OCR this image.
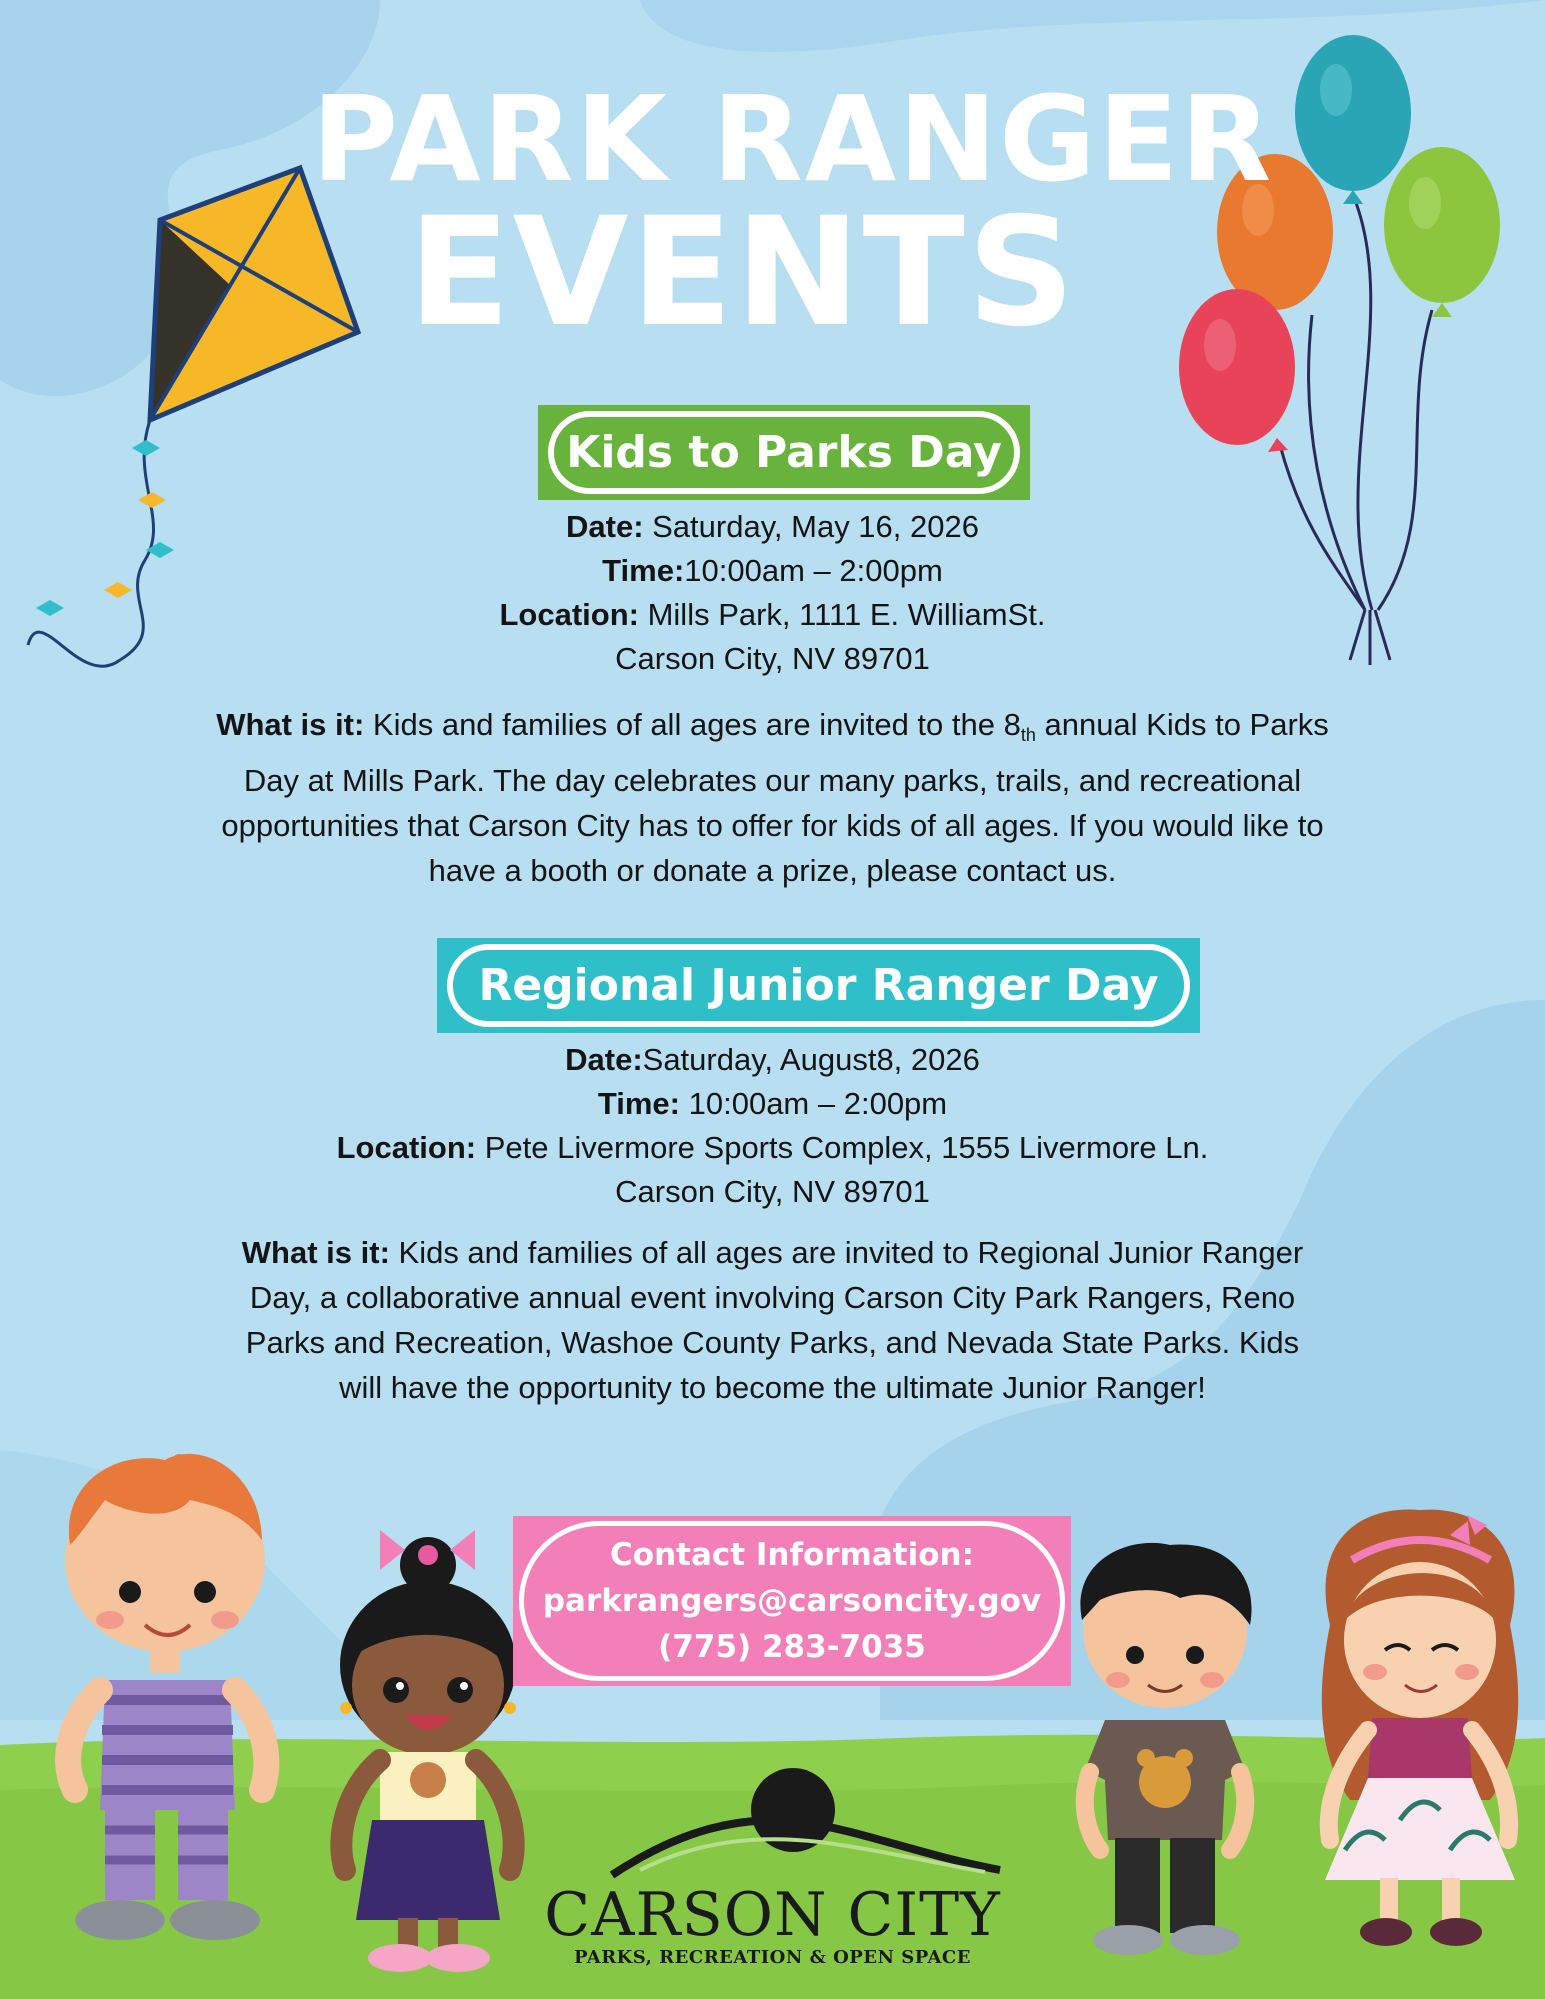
PARK RANGER
EVENTS
Kids to Parks Day
Date: Saturday, May 16, 2026
Time:10:00am – 2:00pm
Location: Mills Park, 1111 E. WilliamSt.
Carson City, NV 89701
What is it: Kids and families of all ages are invited to the $8_{th}$ annual Kids to Parks Day at Mills Park. The day celebrates our many parks, trails, and recreational opportunities that Carson City has to offer for kids of all ages. If you would like to have a booth or donate a prize, please contact us.
Regional Junior Ranger Day
Date:Saturday, August8, 2026
Time: 10:00am – 2:00pm
Location: Pete Livermore Sports Complex, 1555 Livermore Ln.
Carson City, NV 89701
What is it: Kids and families of all ages are invited to Regional Junior Ranger Day, a collaborative annual event involving Carson City Park Rangers, Reno Parks and Recreation, Washoe County Parks, and Nevada State Parks. Kids will have the opportunity to become the ultimate Junior Ranger!
Contact Information:
parkrangers@carsoncity.gov
(775) 283-7035
CARSON CITY
PARKS, RECREATION & OPEN SPACE
